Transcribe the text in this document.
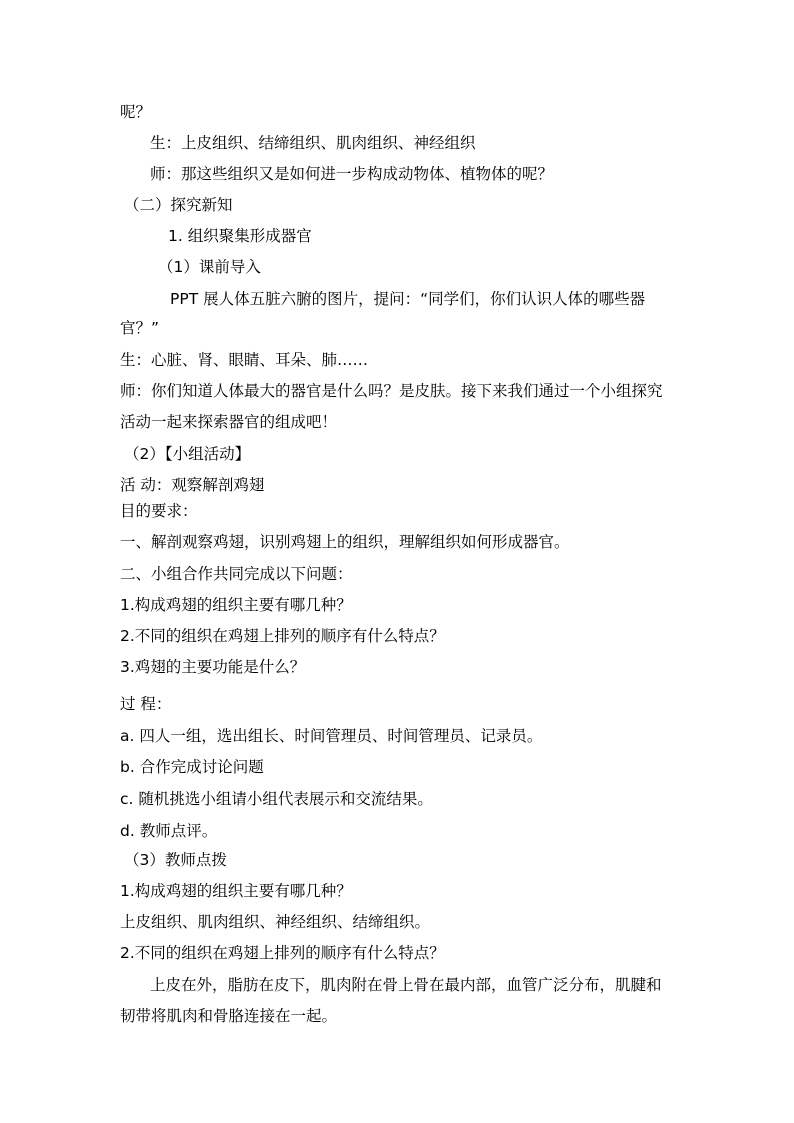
呢？
生：上皮组织、结缔组织、肌肉组织、神经组织
师：那这些组织又是如何进一步构成动物体、植物体的呢？
（二）探究新知
1. 组织聚集形成器官
（1）课前导入
PPT 展人体五脏六腑的图片，提问：“同学们，你们认识人体的哪些器
官？”
生：心脏、肾、眼睛、耳朵、肺……
师：你们知道人体最大的器官是什么吗？是皮肤。接下来我们通过一个小组探究
活动一起来探索器官的组成吧！
（2）【小组活动】
活 动：观察解剖鸡翅
目的要求：
一、解剖观察鸡翅，识别鸡翅上的组织，理解组织如何形成器官。
二、小组合作共同完成以下问题：
1.构成鸡翅的组织主要有哪几种？
2.不同的组织在鸡翅上排列的顺序有什么特点？
3.鸡翅的主要功能是什么？
过 程：
a. 四人一组，选出组长、时间管理员、时间管理员、记录员。
b. 合作完成讨论问题
c. 随机挑选小组请小组代表展示和交流结果。
d. 教师点评。
（3）教师点拨
1.构成鸡翅的组织主要有哪几种？
上皮组织、肌肉组织、神经组织、结缔组织。
2.不同的组织在鸡翅上排列的顺序有什么特点？
上皮在外，脂肪在皮下，肌肉附在骨上骨在最内部，血管广泛分布，肌腱和
韧带将肌肉和骨胳连接在一起。
